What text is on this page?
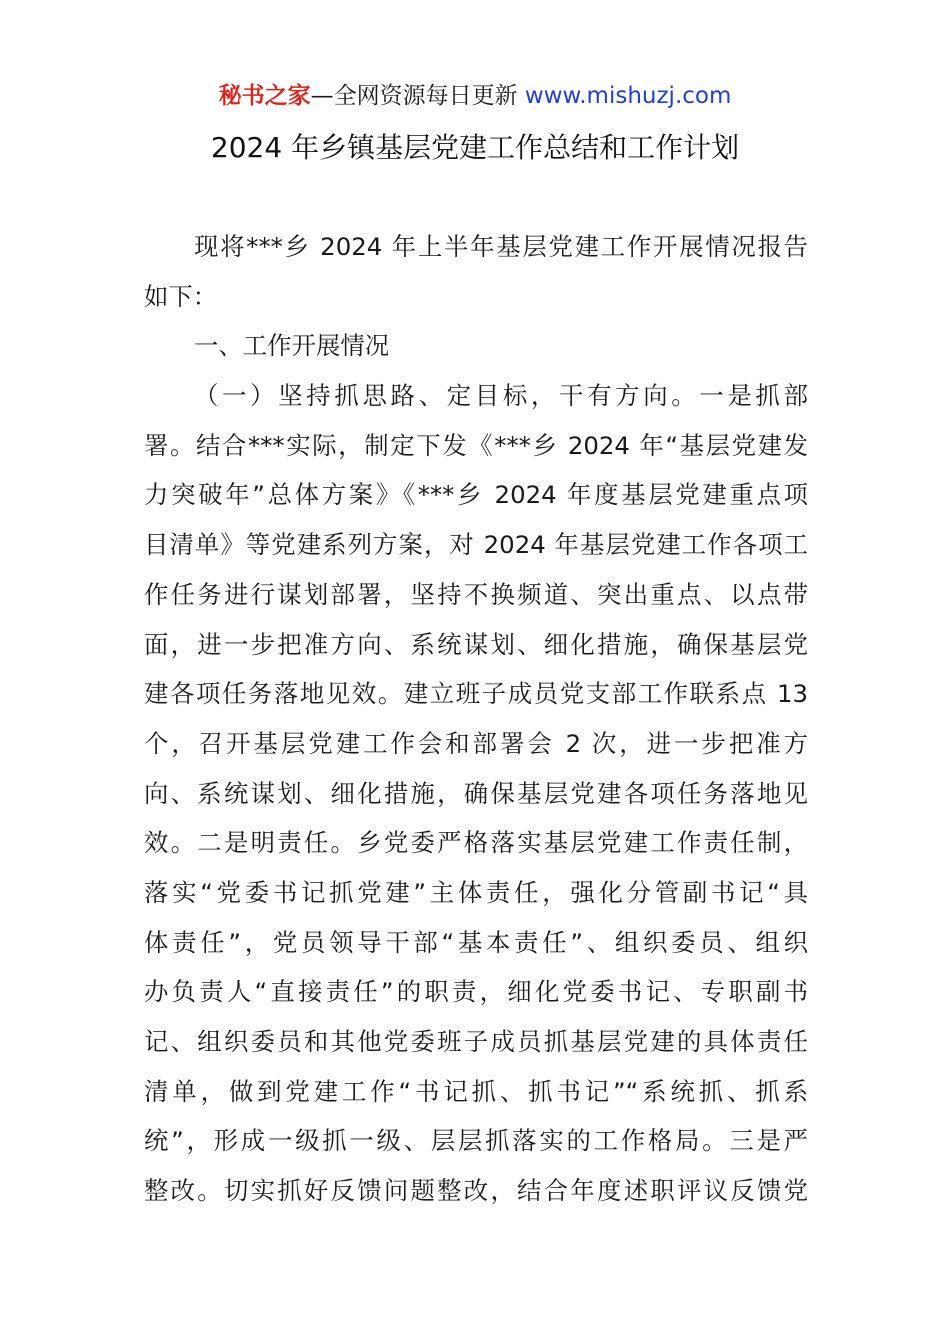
秘书之家—全网资源每日更新 www.mishuzj.com
2024 年乡镇基层党建工作总结和工作计划
现将***乡 2024 年上半年基层党建工作开展情况报告
如下：
一、工作开展情况
（一）坚持抓思路、定目标，干有方向。一是抓部
署。结合***实际，制定下发《***乡 2024 年“基层党建发
力突破年”总体方案》《***乡 2024 年度基层党建重点项
目清单》等党建系列方案，对 2024 年基层党建工作各项工
作任务进行谋划部署，坚持不换频道、突出重点、以点带
面，进一步把准方向、系统谋划、细化措施，确保基层党
建各项任务落地见效。建立班子成员党支部工作联系点 13
个，召开基层党建工作会和部署会 2 次，进一步把准方
向、系统谋划、细化措施，确保基层党建各项任务落地见
效。二是明责任。乡党委严格落实基层党建工作责任制，
落实“党委书记抓党建”主体责任，强化分管副书记“具
体责任”，党员领导干部“基本责任”、组织委员、组织
办负责人“直接责任”的职责，细化党委书记、专职副书
记、组织委员和其他党委班子成员抓基层党建的具体责任
清单，做到党建工作“书记抓、抓书记”“系统抓、抓系
统”，形成一级抓一级、层层抓落实的工作格局。三是严
整改。切实抓好反馈问题整改，结合年度述职评议反馈党
